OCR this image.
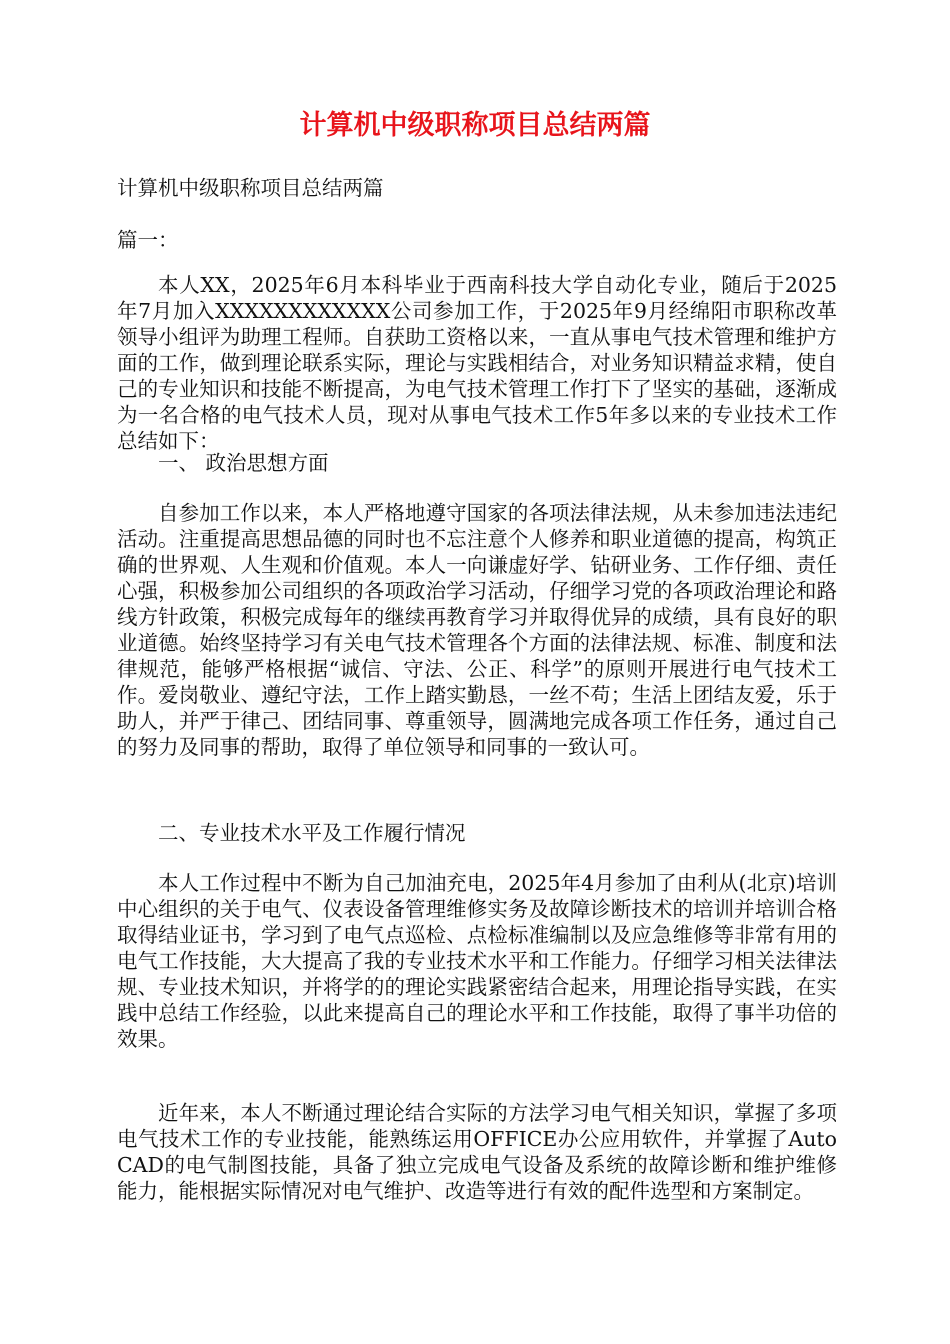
计算机中级职称项目总结两篇

计算机中级职称项目总结两篇

篇一：

本人XX，2025年6月本科毕业于西南科技大学自动化专业，随后于2025年7月加入XXXXXXXXXXXX公司参加工作，于2025年9月经绵阳市职称改革领导小组评为助理工程师。自获助工资格以来，一直从事电气技术管理和维护方面的工作，做到理论联系实际，理论与实践相结合，对业务知识精益求精，使自己的专业知识和技能不断提高，为电气技术管理工作打下了坚实的基础，逐渐成为一名合格的电气技术人员，现对从事电气技术工作5年多以来的专业技术工作总结如下：

一、 政治思想方面

自参加工作以来，本人严格地遵守国家的各项法律法规，从未参加违法违纪活动。注重提高思想品德的同时也不忘注意个人修养和职业道德的提高，构筑正确的世界观、人生观和价值观。本人一向谦虚好学、钻研业务、工作仔细、责任心强，积极参加公司组织的各项政治学习活动，仔细学习党的各项政治理论和路线方针政策，积极完成每年的继续再教育学习并取得优异的成绩，具有良好的职业道德。始终坚持学习有关电气技术管理各个方面的法律法规、标准、制度和法律规范，能够严格根据“诚信、守法、公正、科学”的原则开展进行电气技术工作。爱岗敬业、遵纪守法，工作上踏实勤恳，一丝不苟；生活上团结友爱，乐于助人，并严于律己、团结同事、尊重领导，圆满地完成各项工作任务，通过自己的努力及同事的帮助，取得了单位领导和同事的一致认可。

二、专业技术水平及工作履行情况

本人工作过程中不断为自己加油充电，2025年4月参加了由利从(北京)培训中心组织的关于电气、仪表设备管理维修实务及故障诊断技术的培训并培训合格取得结业证书，学习到了电气点巡检、点检标准编制以及应急维修等非常有用的电气工作技能，大大提高了我的专业技术水平和工作能力。仔细学习相关法律法规、专业技术知识，并将学的的理论实践紧密结合起来，用理论指导实践，在实践中总结工作经验，以此来提高自己的理论水平和工作技能，取得了事半功倍的效果。

近年来，本人不断通过理论结合实际的方法学习电气相关知识，掌握了多项电气技术工作的专业技能，能熟练运用OFFICE办公应用软件，并掌握了AutoCAD的电气制图技能，具备了独立完成电气设备及系统的故障诊断和维护维修能力，能根据实际情况对电气维护、改造等进行有效的配件选型和方案制定。
